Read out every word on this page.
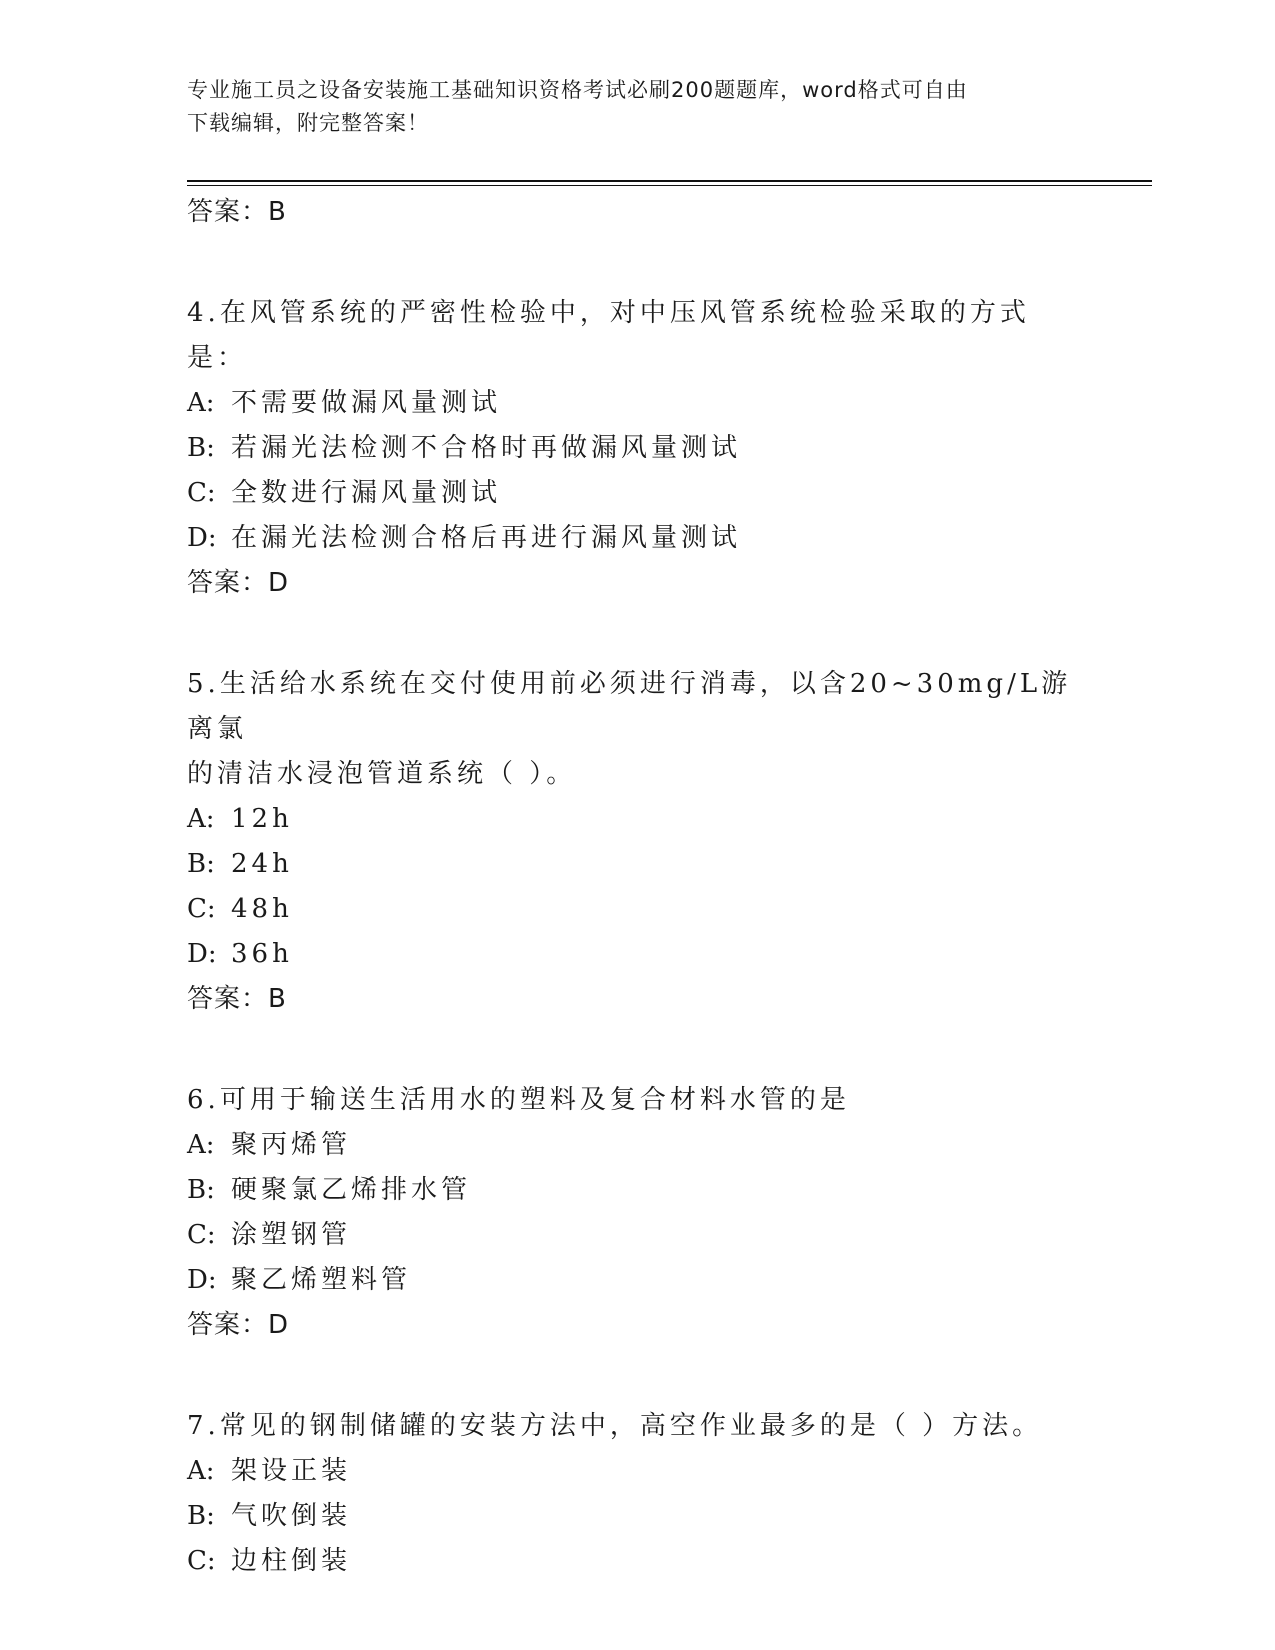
专业施工员之设备安装施工基础知识资格考试必刷200题题库，word格式可自由
下载编辑，附完整答案！
答案：B
4.在风管系统的严密性检验中，对中压风管系统检验采取的方式是：
A: 不需要做漏风量测试
B: 若漏光法检测不合格时再做漏风量测试
C: 全数进行漏风量测试
D: 在漏光法检测合格后再进行漏风量测试
答案：D
5.生活给水系统在交付使用前必须进行消毒，以含20~30mg/L游离氯
的清洁水浸泡管道系统（ ）。
A: 12h
B: 24h
C: 48h
D: 36h
答案：B
6.可用于输送生活用水的塑料及复合材料水管的是
A: 聚丙烯管
B: 硬聚氯乙烯排水管
C: 涂塑钢管
D: 聚乙烯塑料管
答案：D
7.常见的钢制储罐的安装方法中，高空作业最多的是（ ）方法。
A: 架设正装
B: 气吹倒装
C: 边柱倒装
